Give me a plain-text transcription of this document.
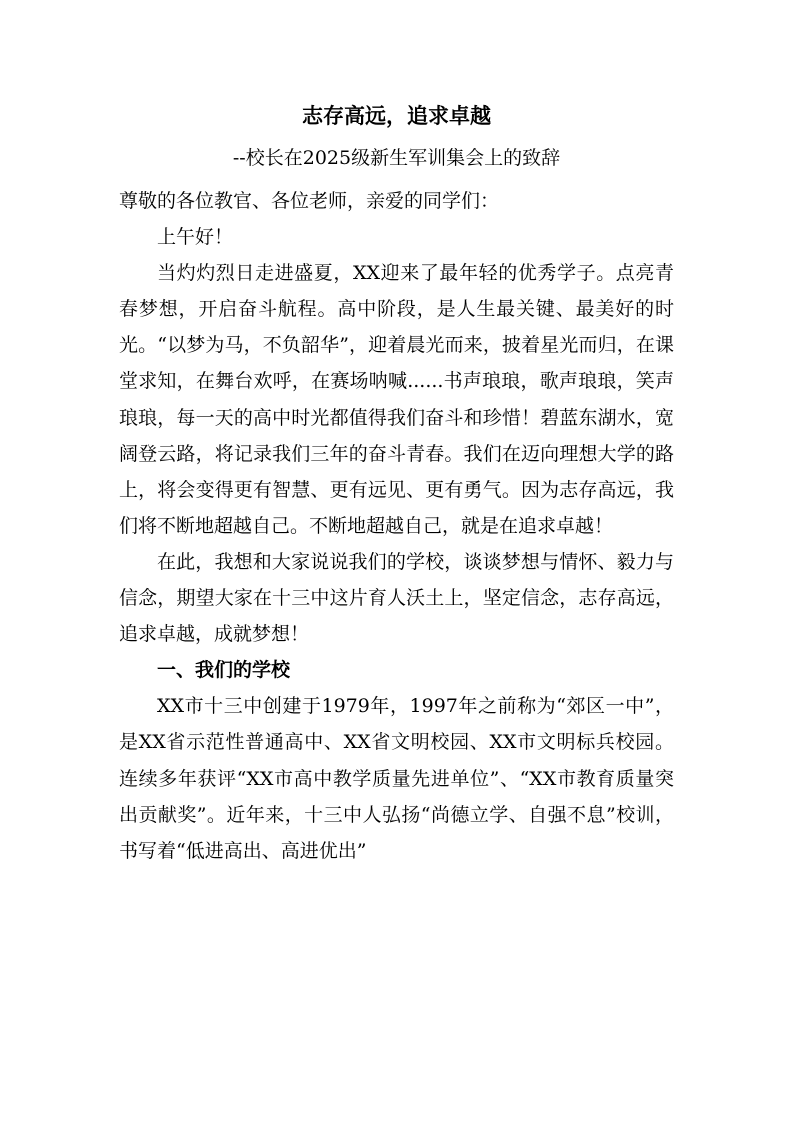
志存高远，追求卓越
--校长在2025级新生军训集会上的致辞

尊敬的各位教官、各位老师，亲爱的同学们：

上午好！

当灼灼烈日走进盛夏，XX迎来了最年轻的优秀学子。点亮青春梦想，开启奋斗航程。高中阶段，是人生最关键、最美好的时光。“以梦为马，不负韶华”，迎着晨光而来，披着星光而归，在课堂求知，在舞台欢呼，在赛场呐喊......书声琅琅，歌声琅琅，笑声琅琅，每一天的高中时光都值得我们奋斗和珍惜！碧蓝东湖水，宽阔登云路，将记录我们三年的奋斗青春。我们在迈向理想大学的路上，将会变得更有智慧、更有远见、更有勇气。因为志存高远，我们将不断地超越自己。不断地超越自己，就是在追求卓越！

在此，我想和大家说说我们的学校，谈谈梦想与情怀、毅力与信念，期望大家在十三中这片育人沃土上，坚定信念，志存高远，追求卓越，成就梦想！

一、我们的学校

XX市十三中创建于1979年，1997年之前称为“郊区一中”，是XX省示范性普通高中、XX省文明校园、XX市文明标兵校园。连续多年获评“XX市高中教学质量先进单位”、“XX市教育质量突出贡献奖”。近年来，十三中人弘扬“尚德立学、自强不息”校训，书写着“低进高出、高进优出”
